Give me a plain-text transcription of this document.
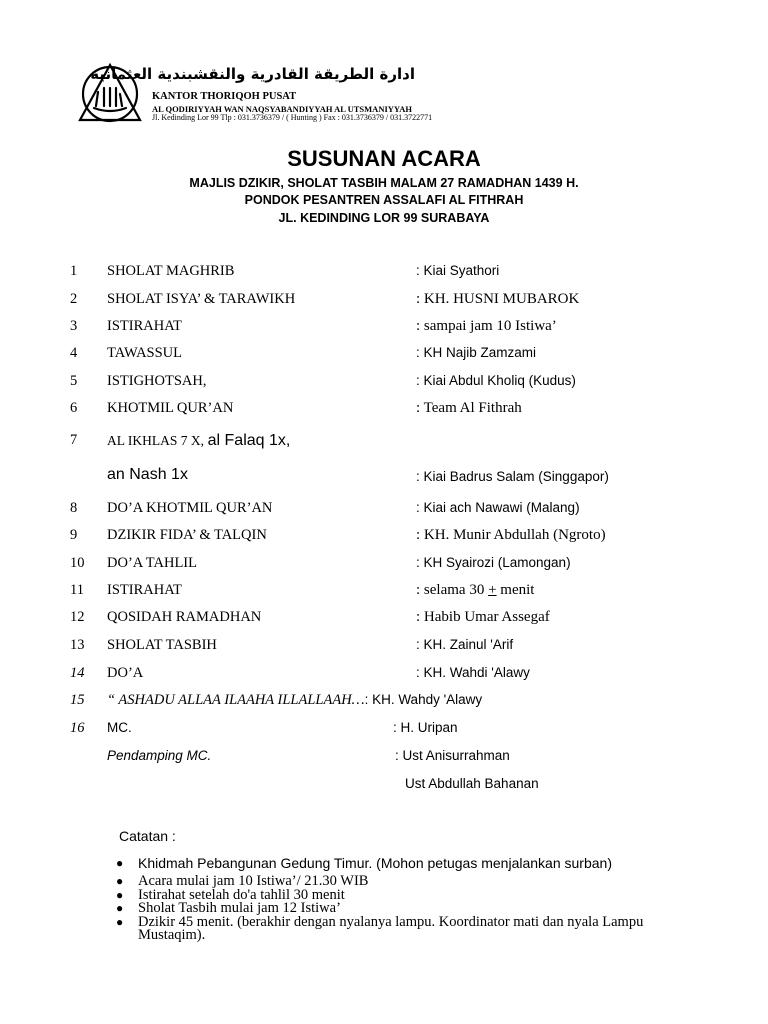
ادارة الطريقة القادرية والنقشبندية العثمانية
KANTOR THORIQOH PUSAT
AL QODIRIYYAH WAN NAQSYABANDIYYAH AL UTSMANIYYAH
Jl. Kedinding Lor 99 Tlp : 031.3736379 / ( Hunting ) Fax : 031.3736379 / 031.3722771
SUSUNAN ACARA
MAJLIS DZIKIR, SHOLAT TASBIH MALAM 27 RAMADHAN 1439 H.
PONDOK PESANTREN ASSALAFI AL FITHRAH
JL. KEDINDING LOR 99 SURABAYA
1 SHOLAT MAGHRIB	: Kiai Syathori
2 SHOLAT ISYA’ & TARAWIKH	: KH. HUSNI MUBAROK
3 ISTIRAHAT	: sampai jam 10 Istiwa’
4 TAWASSUL	: KH Najib Zamzami
5 ISTIGHOTSAH,	: Kiai Abdul Kholiq (Kudus)
6 KHOTMIL QUR’AN	: Team Al Fithrah
7 AL IKHLAS 7 X, al Falaq 1x,
an Nash 1x	: Kiai Badrus Salam (Singgapor)
8 DO’A KHOTMIL QUR’AN	: Kiai ach Nawawi (Malang)
9 DZIKIR FIDA’ & TALQIN	: KH. Munir Abdullah (Ngroto)
10 DO’A TAHLIL	: KH Syairozi (Lamongan)
11 ISTIRAHAT	: selama 30 + menit
12 QOSIDAH RAMADHAN	: Habib Umar Assegaf
13 SHOLAT TASBIH	: KH. Zainul 'Arif
14 DO’A	: KH. Wahdi 'Alawy
15 “ ASHADU ALLAA ILAAHA ILLALLAAH…: KH. Wahdy 'Alawy
16 MC.	: H. Uripan
Pendamping MC.	: Ust Anisurrahman
Ust Abdullah Bahanan
Catatan :
● Khidmah Pebangunan Gedung Timur. (Mohon petugas menjalankan surban)
● Acara mulai jam 10 Istiwa’/ 21.30 WIB
● Istirahat setelah do'a tahlil 30 menit
● Sholat Tasbih mulai jam 12 Istiwa’
● Dzikir 45 menit. (berakhir dengan nyalanya lampu. Koordinator mati dan nyala Lampu Mustaqim).
